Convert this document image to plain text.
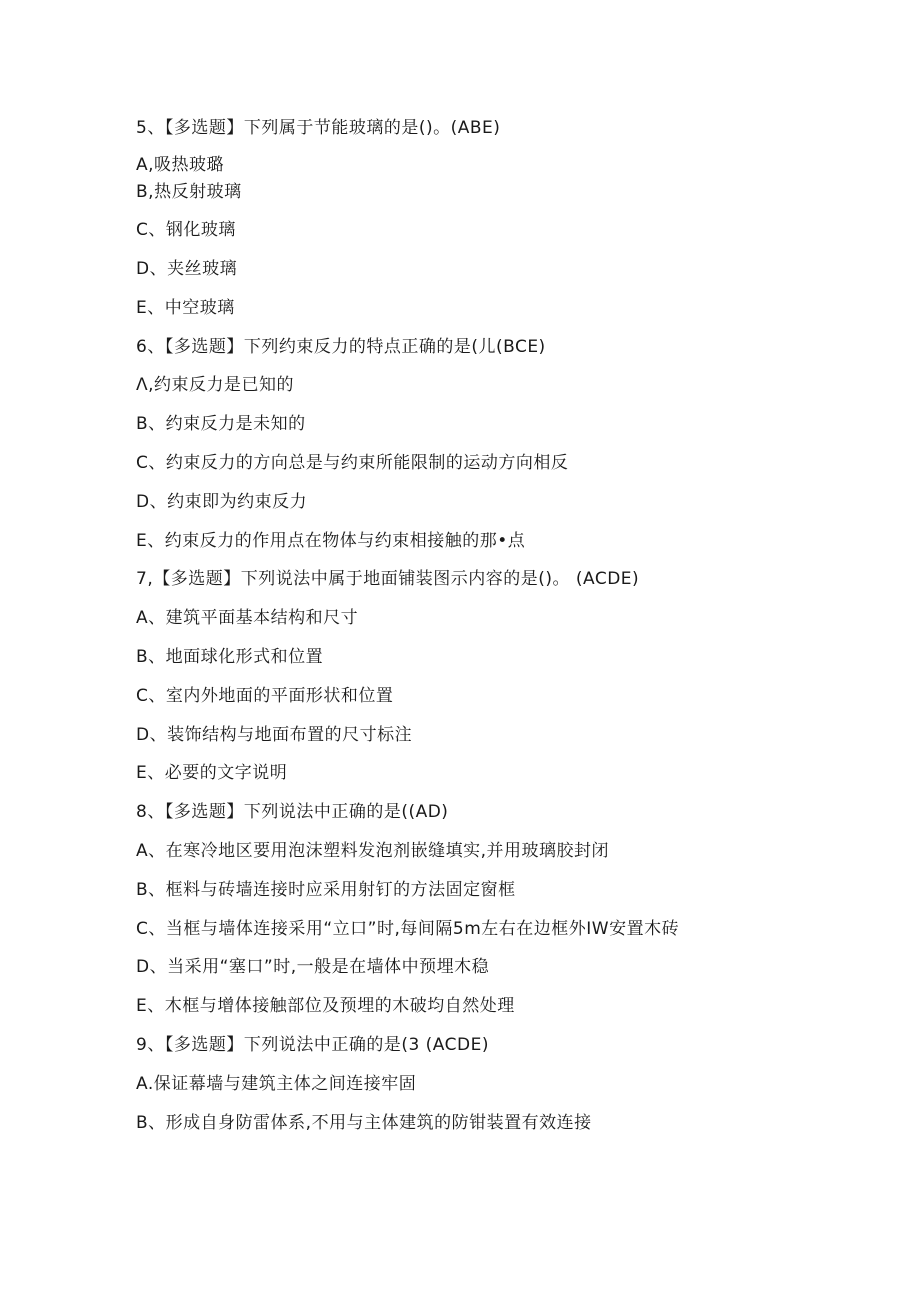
5、【多选题】下列属于节能玻璃的是()。(ABE)
A,吸热玻璐
B,热反射玻璃
C、钢化玻璃
D、夹丝玻璃
E、中空玻璃
6、【多选题】下列约束反力的特点正确的是(儿(BCE)
Λ,约束反力是已知的
B、约束反力是未知的
C、约束反力的方向总是与约束所能限制的运动方向相反
D、约束即为约束反力
E、约束反力的作用点在物体与约束相接触的那•点
7,【多选题】下列说法中属于地面铺装图示内容的是()。 (ACDE)
A、建筑平面基本结构和尺寸
B、地面球化形式和位置
C、室内外地面的平面形状和位置
D、装饰结构与地面布置的尺寸标注
E、必要的文字说明
8、【多选题】下列说法中正确的是((AD)
A、在寒冷地区要用泡沫塑料发泡剂嵌缝填实,并用玻璃胶封闭
B、框料与砖墙连接时应采用射钉的方法固定窗框
C、当框与墙体连接采用“立口”时,每间隔5m左右在边框外IW安置木砖
D、当采用“塞口”时,一般是在墙体中预埋木稳
E、木框与增体接触部位及预埋的木破均自然处理
9、【多选题】下列说法中正确的是(3 (ACDE)
A.保证幕墙与建筑主体之间连接牢固
B、形成自身防雷体系,不用与主体建筑的防钳装置有效连接
